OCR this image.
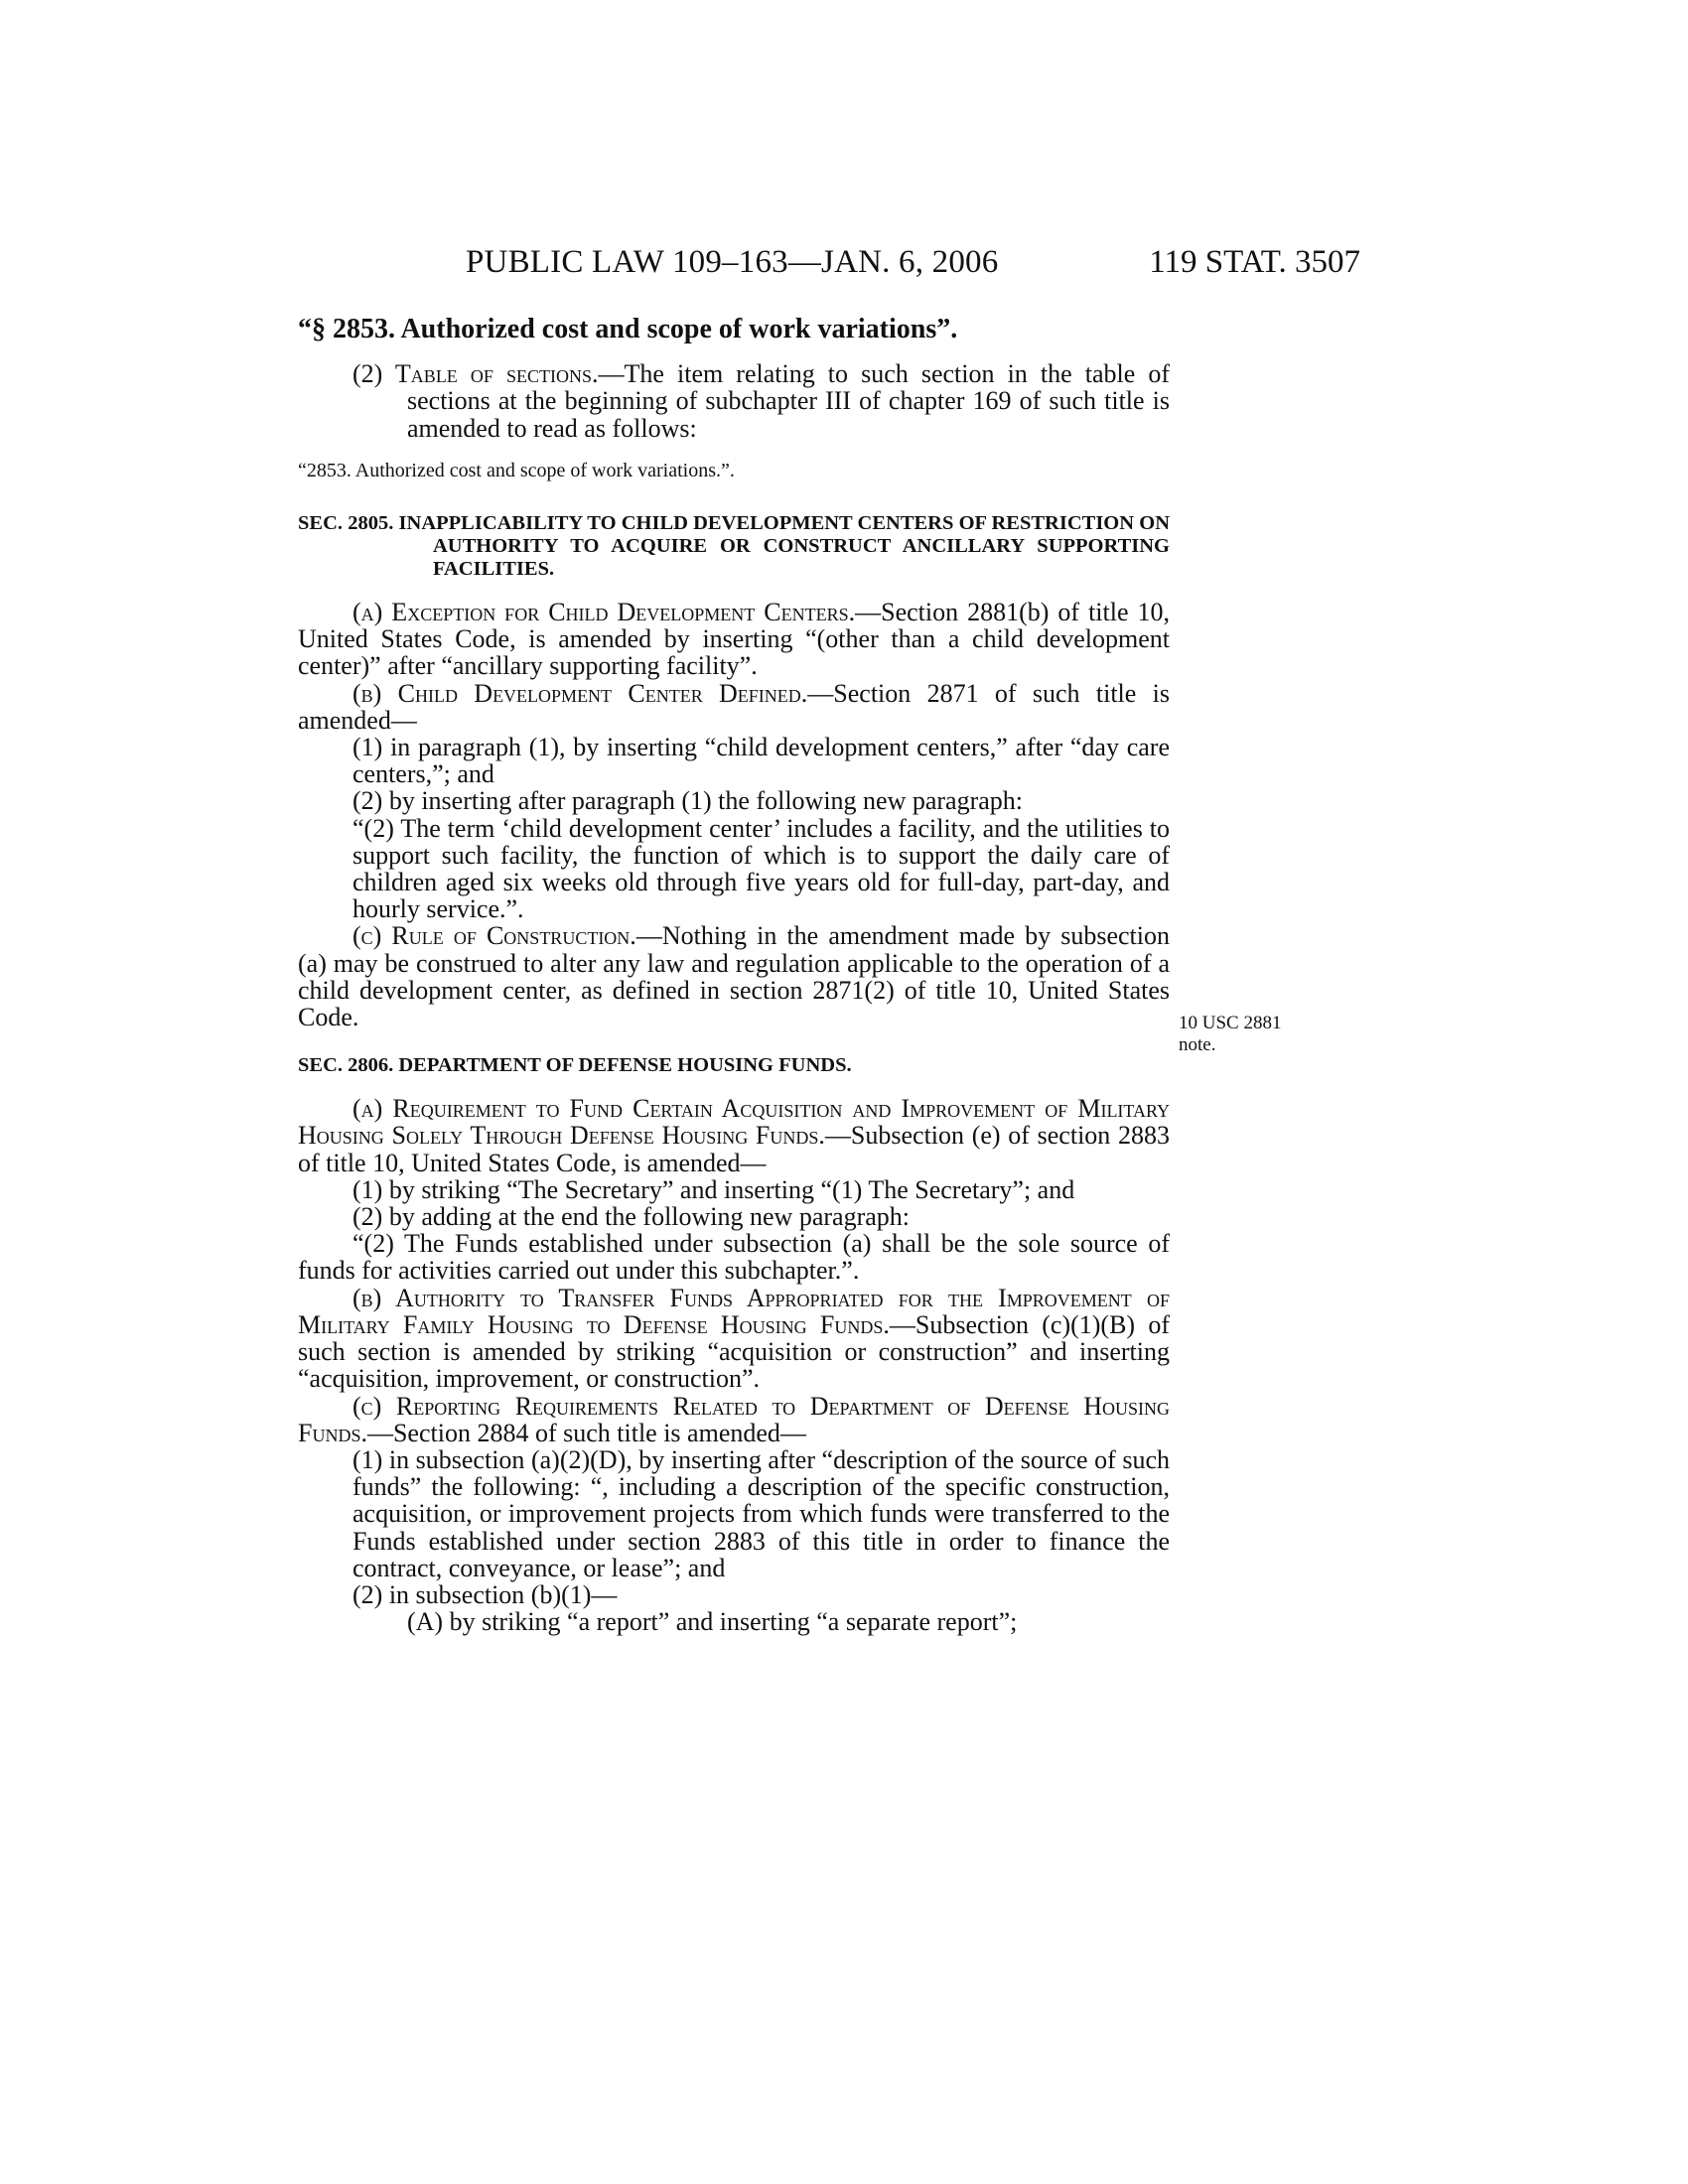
PUBLIC LAW 109–163—JAN. 6, 2006	119 STAT. 3507

“§ 2853. Authorized cost and scope of work variations”.

(2) Table of sections.—The item relating to such section in the table of sections at the beginning of subchapter III of chapter 169 of such title is amended to read as follows:

“2853. Authorized cost and scope of work variations.”.

SEC. 2805. INAPPLICABILITY TO CHILD DEVELOPMENT CENTERS OF RESTRICTION ON AUTHORITY TO ACQUIRE OR CONSTRUCT ANCILLARY SUPPORTING FACILITIES.

(a) Exception for Child Development Centers.—Section 2881(b) of title 10, United States Code, is amended by inserting “(other than a child development center)” after “ancillary supporting facility”.

(b) Child Development Center Defined.—Section 2871 of such title is amended—

(1) in paragraph (1), by inserting “child development centers,” after “day care centers,”; and

(2) by inserting after paragraph (1) the following new paragraph:

“(2) The term ‘child development center’ includes a facility, and the utilities to support such facility, the function of which is to support the daily care of children aged six weeks old through five years old for full-day, part-day, and hourly service.”.

(c) Rule of Construction.—Nothing in the amendment made by subsection (a) may be construed to alter any law and regulation applicable to the operation of a child development center, as defined in section 2871(2) of title 10, United States Code.

SEC. 2806. DEPARTMENT OF DEFENSE HOUSING FUNDS.

(a) Requirement to Fund Certain Acquisition and Improvement of Military Housing Solely Through Defense Housing Funds.—Subsection (e) of section 2883 of title 10, United States Code, is amended—

(1) by striking “The Secretary” and inserting “(1) The Secretary”; and

(2) by adding at the end the following new paragraph:

“(2) The Funds established under subsection (a) shall be the sole source of funds for activities carried out under this subchapter.”.

(b) Authority to Transfer Funds Appropriated for the Improvement of Military Family Housing to Defense Housing Funds.—Subsection (c)(1)(B) of such section is amended by striking “acquisition or construction” and inserting “acquisition, improvement, or construction”.

(c) Reporting Requirements Related to Department of Defense Housing Funds.—Section 2884 of such title is amended—

(1) in subsection (a)(2)(D), by inserting after “description of the source of such funds” the following: “, including a description of the specific construction, acquisition, or improvement projects from which funds were transferred to the Funds established under section 2883 of this title in order to finance the contract, conveyance, or lease”; and

(2) in subsection (b)(1)—

(A) by striking “a report” and inserting “a separate report”;

10 USC 2881 note.
